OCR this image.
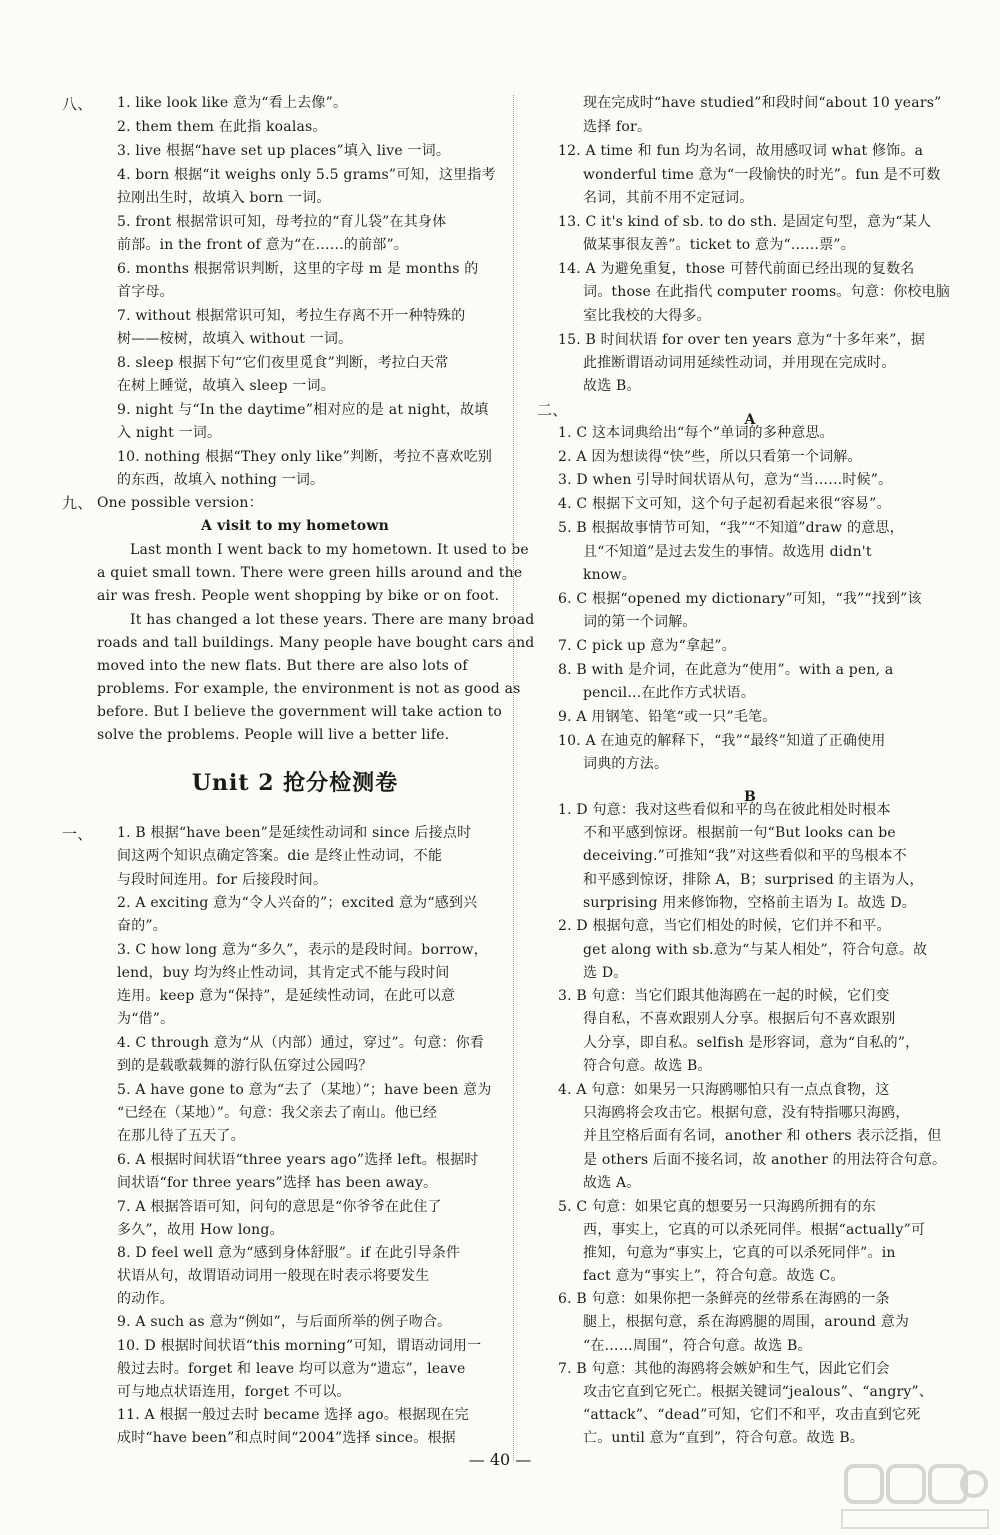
八、 1. like look like 意为“看上去像”。
2. them them 在此指 koalas。
3. live 根据“have set up places”填入 live 一词。
4. born 根据“it weighs only 5.5 grams”可知，这里指考
拉刚出生时，故填入 born 一词。
5. front 根据常识可知，母考拉的“育儿袋”在其身体
前部。in the front of 意为“在……的前部”。
6. months 根据常识判断，这里的字母 m 是 months 的
首字母。
7. without 根据常识可知，考拉生存离不开一种特殊的
树——桉树，故填入 without 一词。
8. sleep 根据下句“它们夜里觅食”判断，考拉白天常
在树上睡觉，故填入 sleep 一词。
9. night 与“In the daytime”相对应的是 at night，故填
入 night 一词。
10. nothing 根据“They only like”判断，考拉不喜欢吃别
的东西，故填入 nothing 一词。
九、 One possible version：
A visit to my hometown
Last month I went back to my hometown. It used to be
a quiet small town. There were green hills around and the
air was fresh. People went shopping by bike or on foot.
It has changed a lot these years. There are many broad
roads and tall buildings. Many people have bought cars and
moved into the new flats. But there are also lots of
problems. For example, the environment is not as good as
before. But I believe the government will take action to
solve the problems. People will live a better life.
Unit 2 抢分检测卷
一、 1. B 根据“have been”是延续性动词和 since 后接点时
间这两个知识点确定答案。die 是终止性动词，不能
与段时间连用。for 后接段时间。
2. A exciting 意为“令人兴奋的”；excited 意为“感到兴
奋的”。
3. C how long 意为“多久”，表示的是段时间。borrow，
lend，buy 均为终止性动词，其肯定式不能与段时间
连用。keep 意为“保持”，是延续性动词，在此可以意
为“借”。
4. C through 意为“从（内部）通过，穿过”。句意：你看
到的是载歌载舞的游行队伍穿过公园吗？
5. A have gone to 意为“去了（某地）”；have been 意为
“已经在（某地）”。句意：我父亲去了南山。他已经
在那儿待了五天了。
6. A 根据时间状语“three years ago”选择 left。根据时
间状语“for three years”选择 has been away。
7. A 根据答语可知，问句的意思是“你爷爷在此住了
多久”，故用 How long。
8. D feel well 意为“感到身体舒服”。if 在此引导条件
状语从句，故谓语动词用一般现在时表示将要发生
的动作。
9. A such as 意为“例如”，与后面所举的例子吻合。
10. D 根据时间状语“this morning”可知，谓语动词用一
般过去时。forget 和 leave 均可以意为“遗忘”，leave
可与地点状语连用，forget 不可以。
11. A 根据一般过去时 became 选择 ago。根据现在完
成时“have been”和点时间“2004”选择 since。根据
现在完成时“have studied”和段时间“about 10 years”
选择 for。
12. A time 和 fun 均为名词，故用感叹词 what 修饰。a
wonderful time 意为“一段愉快的时光”。fun 是不可数
名词，其前不用不定冠词。
13. C it's kind of sb. to do sth. 是固定句型，意为“某人
做某事很友善”。ticket to 意为“……票”。
14. A 为避免重复，those 可替代前面已经出现的复数名
词。those 在此指代 computer rooms。句意：你校电脑
室比我校的大得多。
15. B 时间状语 for over ten years 意为“十多年来”，据
此推断谓语动词用延续性动词，并用现在完成时。
故选 B。
二、
A
1. C 这本词典给出“每个”单词的多种意思。
2. A 因为想读得“快”些，所以只看第一个词解。
3. D when 引导时间状语从句，意为“当……时候”。
4. C 根据下文可知，这个句子起初看起来很“容易”。
5. B 根据故事情节可知，“我”“不知道”draw 的意思，
且“不知道”是过去发生的事情。故选用 didn't
know。
6. C 根据“opened my dictionary”可知，“我”“找到”该
词的第一个词解。
7. C pick up 意为“拿起”。
8. B with 是介词，在此意为“使用”。with a pen, a
pencil…在此作方式状语。
9. A 用钢笔、铅笔“或一只”毛笔。
10. A 在迪克的解释下，“我”“最终”知道了正确使用
词典的方法。
B
1. D 句意：我对这些看似和平的鸟在彼此相处时根本
不和平感到惊讶。根据前一句“But looks can be
deceiving.”可推知“我”对这些看似和平的鸟根本不
和平感到惊讶，排除 A，B；surprised 的主语为人，
surprising 用来修饰物，空格前主语为 I。故选 D。
2. D 根据句意，当它们相处的时候，它们并不和平。
get along with sb.意为“与某人相处”，符合句意。故
选 D。
3. B 句意：当它们跟其他海鸥在一起的时候，它们变
得自私，不喜欢跟别人分享。根据后句不喜欢跟别
人分享，即自私。selfish 是形容词，意为“自私的”，
符合句意。故选 B。
4. A 句意：如果另一只海鸥哪怕只有一点点食物，这
只海鸥将会攻击它。根据句意，没有特指哪只海鸥，
并且空格后面有名词，another 和 others 表示泛指，但
是 others 后面不接名词，故 another 的用法符合句意。
故选 A。
5. C 句意：如果它真的想要另一只海鸥所拥有的东
西，事实上，它真的可以杀死同伴。根据“actually”可
推知，句意为“事实上，它真的可以杀死同伴”。in
fact 意为“事实上”，符合句意。故选 C。
6. B 句意：如果你把一条鲜亮的丝带系在海鸥的一条
腿上，根据句意，系在海鸥腿的周围，around 意为
“在……周围”，符合句意。故选 B。
7. B 句意：其他的海鸥将会嫉妒和生气，因此它们会
攻击它直到它死亡。根据关键词“jealous”、“angry”、
“attack”、“dead”可知，它们不和平，攻击直到它死
亡。until 意为“直到”，符合句意。故选 B。
— 40 —
